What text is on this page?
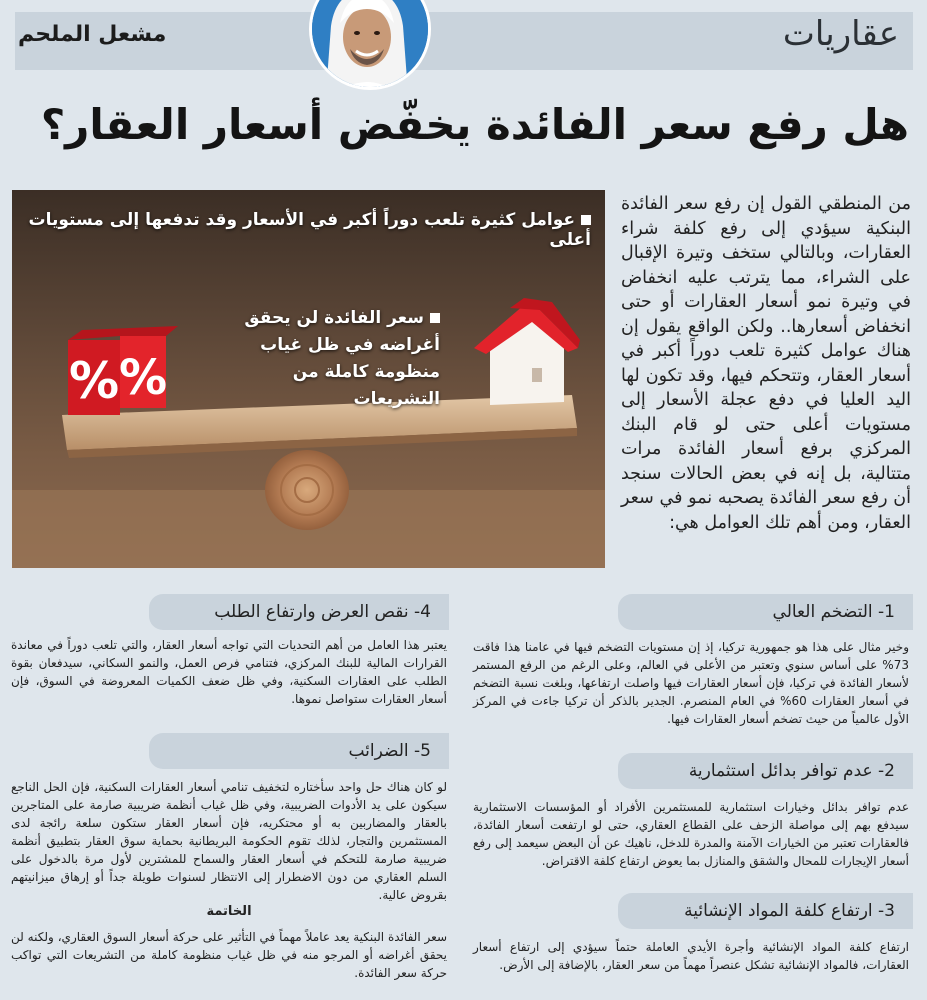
عقاريات
مشعل الملحم
هل رفع سعر الفائدة يخفّض أسعار العقار؟
% %
عوامل كثيرة تلعب دوراً أكبر في الأسعار وقد تدفعها إلى مستويات أعلى
سعر الفائدة لن يحقق أغراضه في ظل غياب منظومة كاملة من التشريعات

من المنطقي القول إن رفع سعر الفائدة البنكية سيؤدي إلى رفع كلفة شراء العقارات، وبالتالي ستخف وتيرة الإقبال على الشراء، مما يترتب عليه انخفاض في وتيرة نمو أسعار العقارات أو حتى انخفاض أسعارها.. ولكن الواقع يقول إن هناك عوامل كثيرة تلعب دوراً أكبر في أسعار العقار، وتتحكم فيها، وقد تكون لها اليد العليا في دفع عجلة الأسعار إلى مستويات أعلى حتى لو قام البنك المركزي برفع أسعار الفائدة مرات متتالية، بل إنه في بعض الحالات سنجد أن رفع سعر الفائدة يصحبه نمو في سعر العقار، ومن أهم تلك العوامل هي:

1- التضخم العالي

وخير مثال على هذا هو جمهورية تركيا، إذ إن مستويات التضخم فيها في عامنا هذا فاقت 73% على أساس سنوي وتعتبر من الأعلى في العالم، وعلى الرغم من الرفع المستمر لأسعار الفائدة في تركيا، فإن أسعار العقارات فيها واصلت ارتفاعها، وبلغت نسبة التضخم في أسعار العقارات 60% في العام المنصرم. الجدير بالذكر أن تركيا جاءت في المركز الأول عالمياً من حيث تضخم أسعار العقارات فيها.

2- عدم توافر بدائل استثمارية

عدم توافر بدائل وخيارات استثمارية للمستثمرين الأفراد أو المؤسسات الاستثمارية سيدفع بهم إلى مواصلة الزحف على القطاع العقاري، حتى لو ارتفعت أسعار الفائدة، فالعقارات تعتبر من الخيارات الآمنة والمدرة للدخل، ناهيك عن أن البعض سيعمد إلى رفع أسعار الإيجارات للمحال والشقق والمنازل بما يعوض ارتفاع كلفة الاقتراض.

3- ارتفاع كلفة المواد الإنشائية

ارتفاع كلفة المواد الإنشائية وأجرة الأيدي العاملة حتماً سيؤدي إلى ارتفاع أسعار العقارات، فالمواد الإنشائية تشكل عنصراً مهماً من سعر العقار، بالإضافة إلى الأرض.

4- نقص العرض وارتفاع الطلب

يعتبر هذا العامل من أهم التحديات التي تواجه أسعار العقار، والتي تلعب دوراً في معاندة القرارات المالية للبنك المركزي، فتنامي فرص العمل، والنمو السكاني، سيدفعان بقوة الطلب على العقارات السكنية، وفي ظل ضعف الكميات المعروضة في السوق، فإن أسعار العقارات ستواصل نموها.

5- الضرائب

لو كان هناك حل واحد سأختاره لتخفيف تنامي أسعار العقارات السكنية، فإن الحل الناجع سيكون على يد الأدوات الضريبية، وفي ظل غياب أنظمة ضريبية صارمة على المتاجرين بالعقار والمضاربين به أو محتكريه، فإن أسعار العقار ستكون سلعة رائجة لدى المستثمرين والتجار، لذلك تقوم الحكومة البريطانية بحماية سوق العقار بتطبيق أنظمة ضريبية صارمة للتحكم في أسعار العقار والسماح للمشترين لأول مرة بالدخول على السلم العقاري من دون الاضطرار إلى الانتظار لسنوات طويلة جداً أو إرهاق ميزانيتهم بقروض عالية.

الخاتمة

سعر الفائدة البنكية يعد عاملاً مهماً في التأثير على حركة أسعار السوق العقاري، ولكنه لن يحقق أغراضه أو المرجو منه في ظل غياب منظومة كاملة من التشريعات التي تواكب حركة سعر الفائدة.
